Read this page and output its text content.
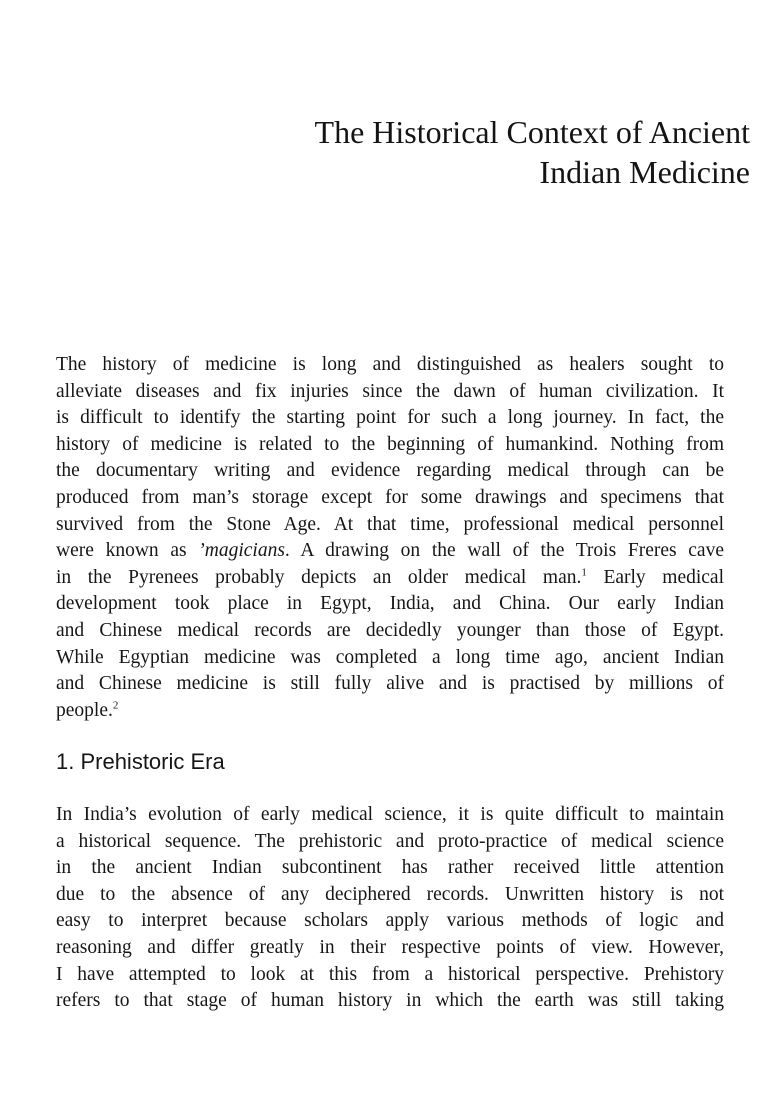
The Historical Context of Ancient
Indian Medicine

The history of medicine is long and distinguished as healers sought to
alleviate diseases and fix injuries since the dawn of human civilization. It
is difficult to identify the starting point for such a long journey. In fact, the
history of medicine is related to the beginning of humankind. Nothing from
the documentary writing and evidence regarding medical through can be
produced from man’s storage except for some drawings and specimens that
survived from the Stone Age. At that time, professional medical personnel
were known as ’magicians. A drawing on the wall of the Trois Freres cave
in the Pyrenees probably depicts an older medical man.$^1$ Early medical
development took place in Egypt, India, and China. Our early Indian
and Chinese medical records are decidedly younger than those of Egypt.
While Egyptian medicine was completed a long time ago, ancient Indian
and Chinese medicine is still fully alive and is practised by millions of
people.$^2$

1. Prehistoric Era

In India’s evolution of early medical science, it is quite difficult to maintain
a historical sequence. The prehistoric and proto-practice of medical science
in the ancient Indian subcontinent has rather received little attention
due to the absence of any deciphered records. Unwritten history is not
easy to interpret because scholars apply various methods of logic and
reasoning and differ greatly in their respective points of view. However,
I have attempted to look at this from a historical perspective. Prehistory
refers to that stage of human history in which the earth was still taking
